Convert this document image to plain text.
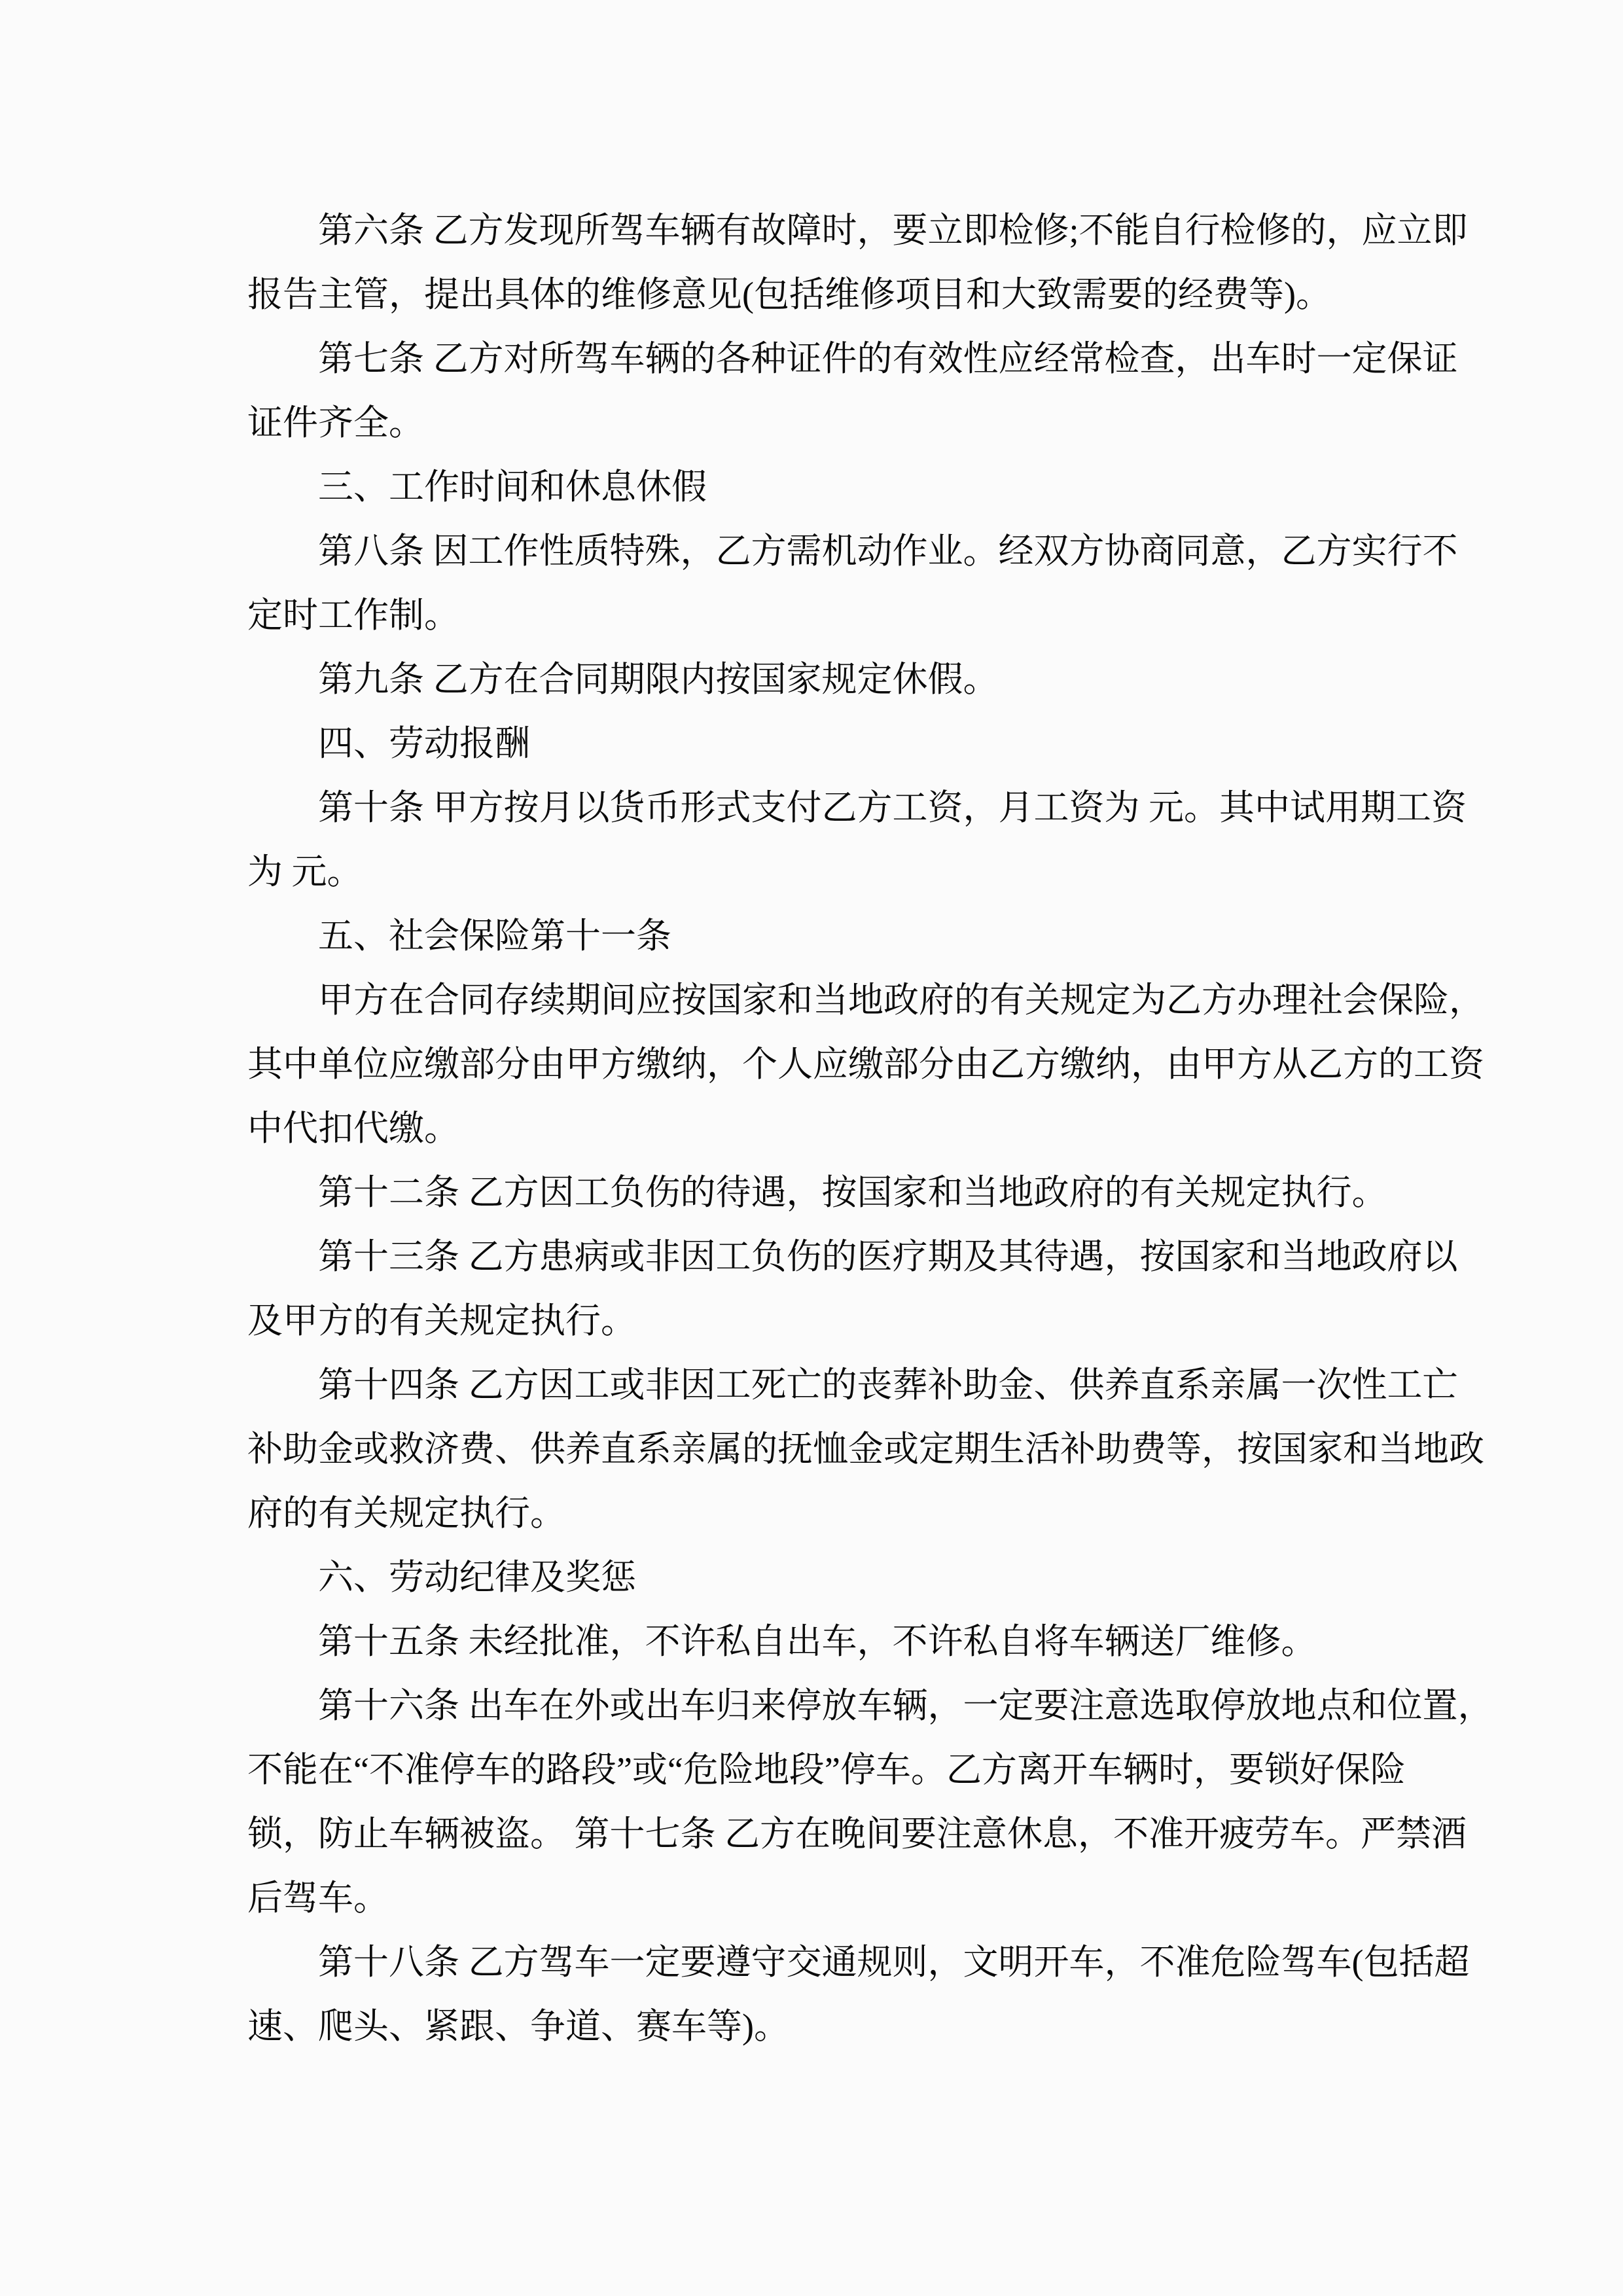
第六条 乙方发现所驾车辆有故障时，要立即检修;不能自行检修的，应立即
报告主管，提出具体的维修意见(包括维修项目和大致需要的经费等)。
第七条 乙方对所驾车辆的各种证件的有效性应经常检查，出车时一定保证
证件齐全。
三、工作时间和休息休假
第八条 因工作性质特殊，乙方需机动作业。经双方协商同意，乙方实行不
定时工作制。
第九条 乙方在合同期限内按国家规定休假。
四、劳动报酬
第十条 甲方按月以货币形式支付乙方工资，月工资为 元。其中试用期工资
为 元。
五、社会保险第十一条
甲方在合同存续期间应按国家和当地政府的有关规定为乙方办理社会保险，
其中单位应缴部分由甲方缴纳，个人应缴部分由乙方缴纳，由甲方从乙方的工资
中代扣代缴。
第十二条 乙方因工负伤的待遇，按国家和当地政府的有关规定执行。
第十三条 乙方患病或非因工负伤的医疗期及其待遇，按国家和当地政府以
及甲方的有关规定执行。
第十四条 乙方因工或非因工死亡的丧葬补助金、供养直系亲属一次性工亡
补助金或救济费、供养直系亲属的抚恤金或定期生活补助费等，按国家和当地政
府的有关规定执行。
六、劳动纪律及奖惩
第十五条 未经批准，不许私自出车，不许私自将车辆送厂维修。
第十六条 出车在外或出车归来停放车辆，一定要注意选取停放地点和位置，
不能在“不准停车的路段”或“危险地段”停车。乙方离开车辆时，要锁好保险
锁，防止车辆被盗。 第十七条 乙方在晚间要注意休息，不准开疲劳车。严禁酒
后驾车。
第十八条 乙方驾车一定要遵守交通规则，文明开车，不准危险驾车(包括超
速、爬头、紧跟、争道、赛车等)。
